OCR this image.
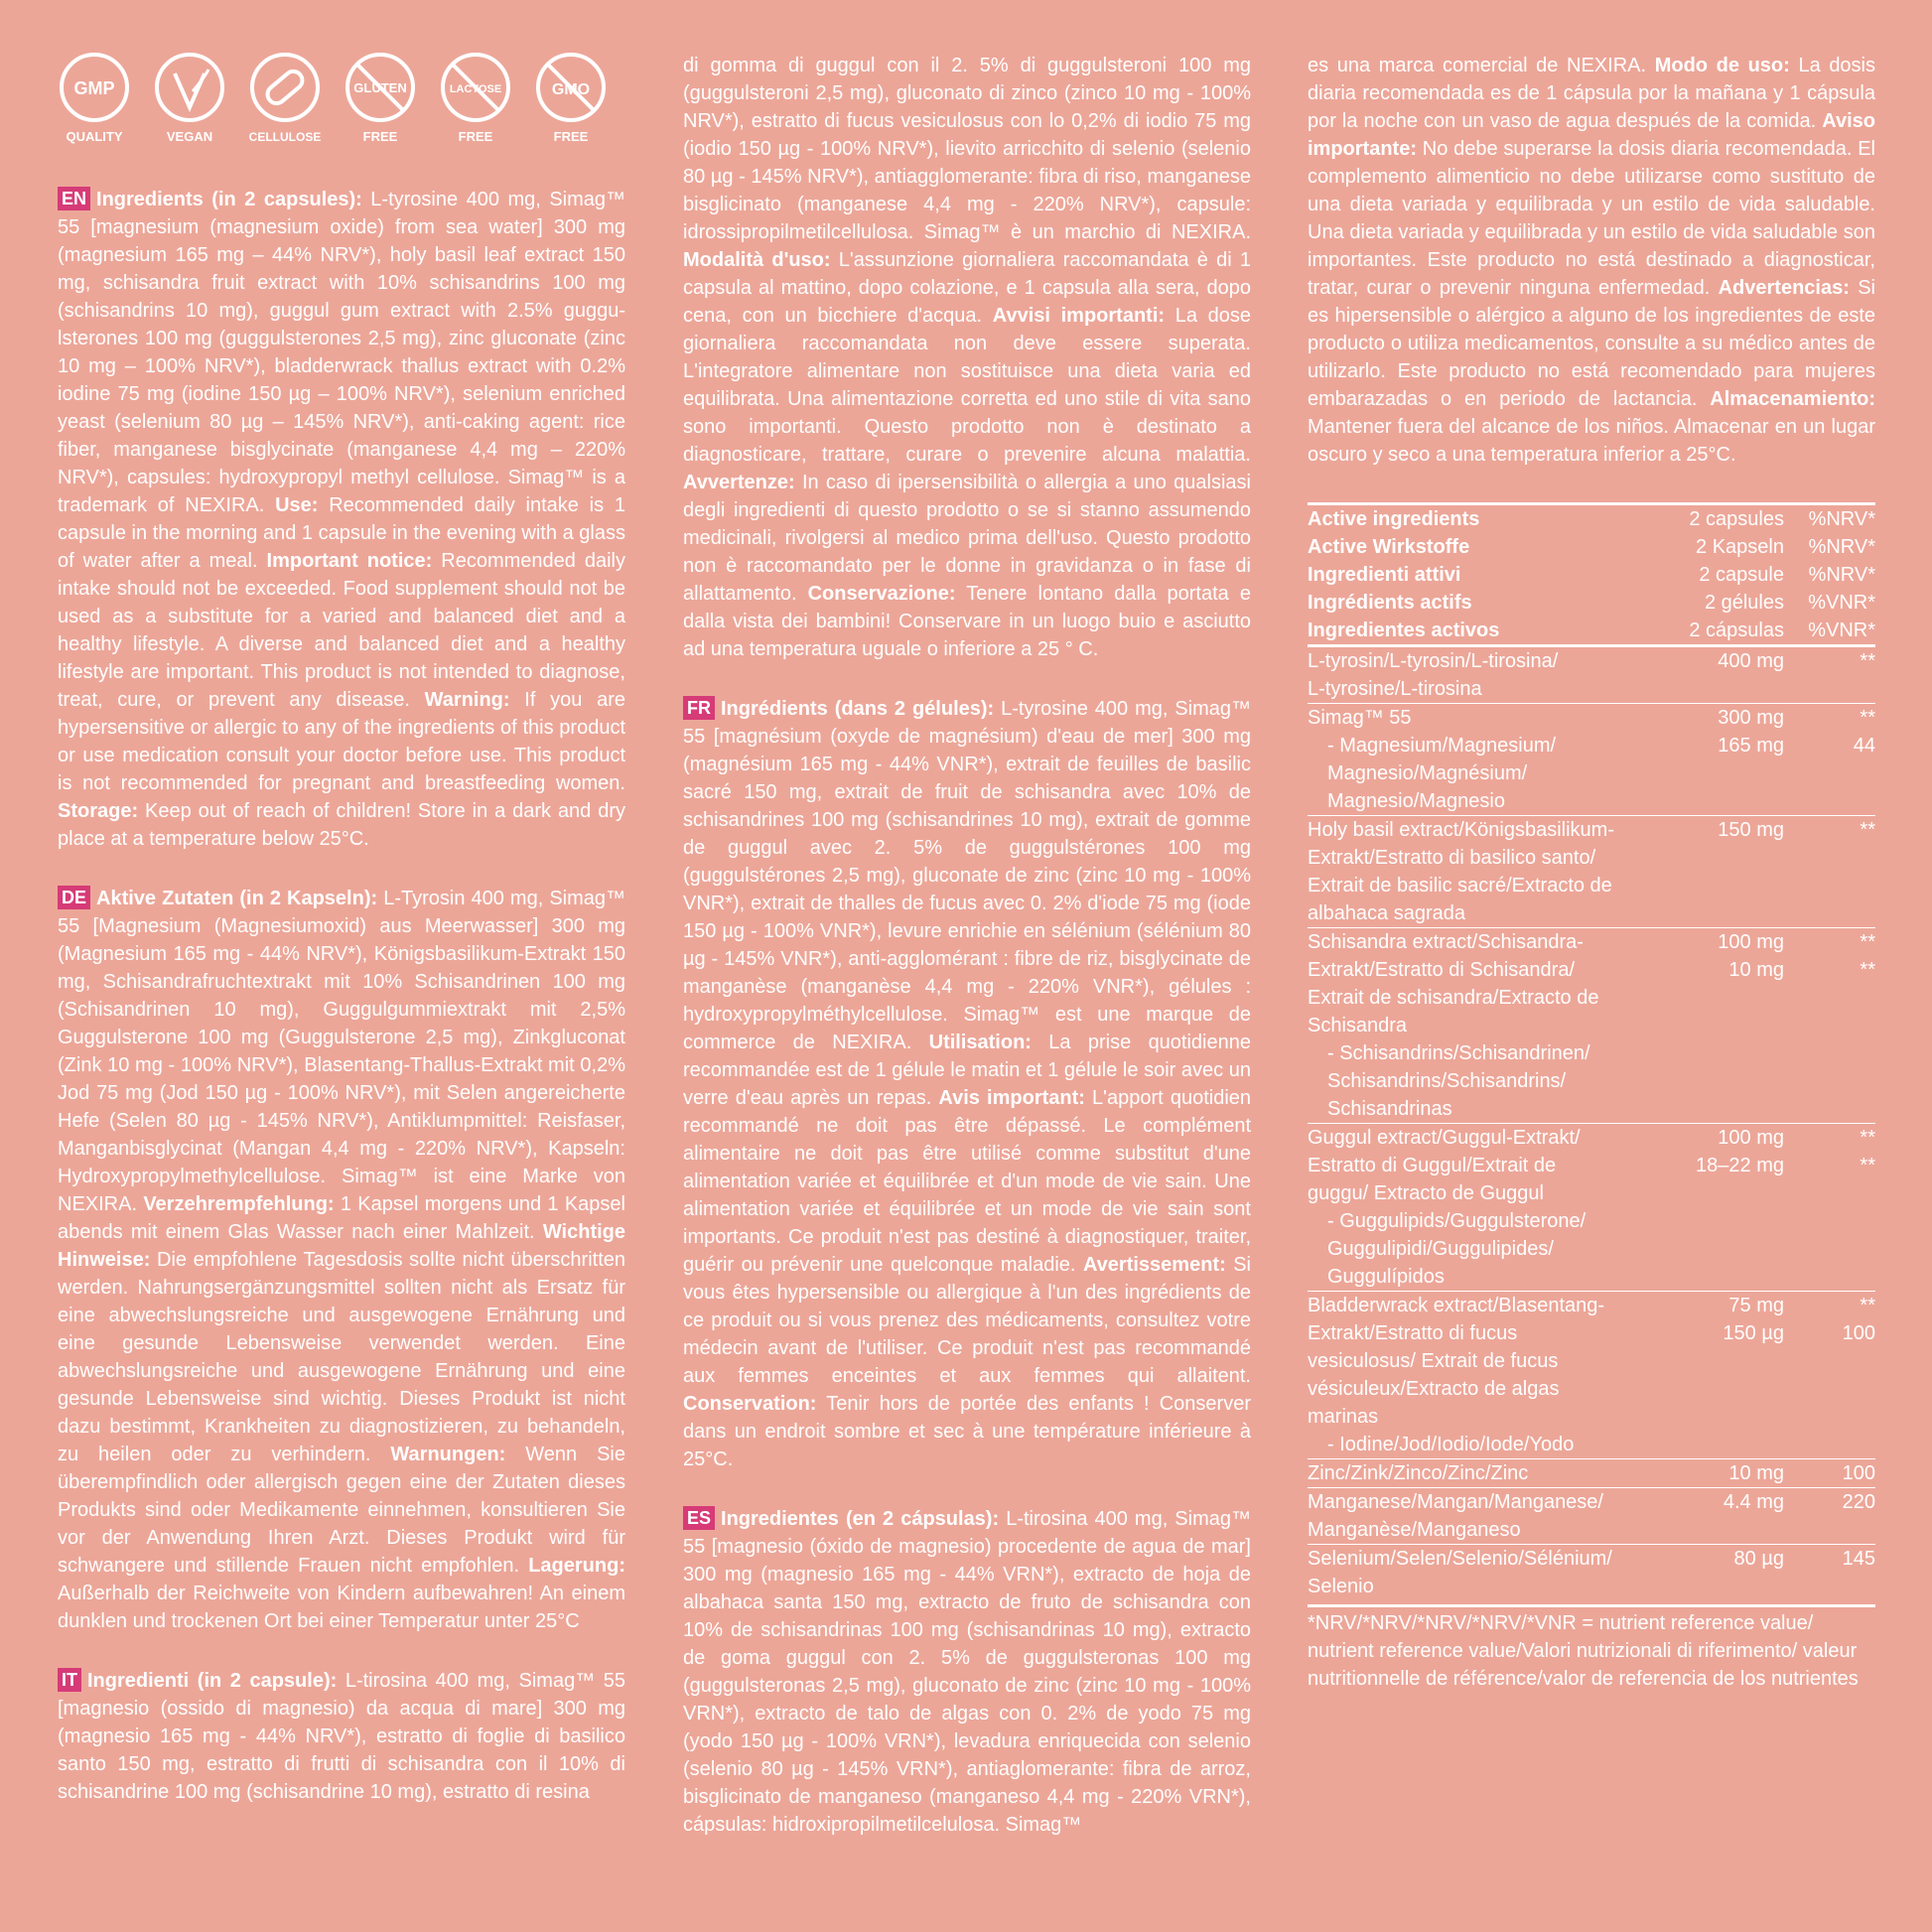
GMP
QUALITY	VEGAN	CELLULOSE
GLUTEN
FREE
LACTOSE
FREE
GMO
FREE

EN Ingredients (in 2 capsules): L-tyrosine 400 mg, Simag™ 55 [magnesium (magnesium oxide) from sea water] 300 mg (magnesium 165 mg – 44% NRV*), holy basil leaf extract 150 mg, schisandra fruit extract with 10% schisandrins 100 mg (schisandrins 10 mg), guggul gum extract with 2.5% guggu-lsterones 100 mg (guggulsterones 2,5 mg), zinc gluconate (zinc 10 mg – 100% NRV*), bladderwrack thallus extract with 0.2% iodine 75 mg (iodine 150 µg – 100% NRV*), selenium enriched yeast (selenium 80 µg – 145% NRV*), anti-caking agent: rice fiber, manganese bisglycinate (manganese 4,4 mg – 220% NRV*), capsules: hydroxypropyl methyl cellulose. Simag™ is a trademark of NEXIRA. Use: Recommended daily intake is 1 capsule in the morning and 1 capsule in the evening with a glass of water after a meal. Important notice: Recommended daily intake should not be exceeded. Food supplement should not be used as a substitute for a varied and balanced diet and a healthy lifestyle. A diverse and balanced diet and a healthy lifestyle are important. This product is not intended to diagnose, treat, cure, or prevent any disease. Warning: If you are hypersensitive or allergic to any of the ingredients of this product or use medication consult your doctor before use. This product is not recommended for pregnant and breastfeeding women. Storage: Keep out of reach of children! Store in a dark and dry place at a temperature below 25°C.

DE Aktive Zutaten (in 2 Kapseln): L-Tyrosin 400 mg, Simag™ 55 [Magnesium (Magnesiumoxid) aus Meerwasser] 300 mg (Magnesium 165 mg - 44% NRV*), Königsbasilikum-Extrakt 150 mg, Schisandrafruchtextrakt mit 10% Schisandrinen 100 mg (Schisandrinen 10 mg), Guggulgummiextrakt mit 2,5% Guggulsterone 100 mg (Guggulsterone 2,5 mg), Zinkgluconat (Zink 10 mg - 100% NRV*), Blasentang-Thallus-Extrakt mit 0,2% Jod 75 mg (Jod 150 µg - 100% NRV*), mit Selen angereicherte Hefe (Selen 80 µg - 145% NRV*), Antiklumpmittel: Reisfaser, Manganbisglycinat (Mangan 4,4 mg - 220% NRV*), Kapseln: Hydroxypropylmethylcellulose. Simag™ ist eine Marke von NEXIRA. Verzehrempfehlung: 1 Kapsel morgens und 1 Kapsel abends mit einem Glas Wasser nach einer Mahlzeit. Wichtige Hinweise: Die empfohlene Tagesdosis sollte nicht überschritten werden. Nahrungsergänzungsmittel sollten nicht als Ersatz für eine abwechslungsreiche und ausgewogene Ernährung und eine gesunde Lebensweise verwendet werden. Eine abwechslungsreiche und ausgewogene Ernährung und eine gesunde Lebensweise sind wichtig. Dieses Produkt ist nicht dazu bestimmt, Krankheiten zu diagnostizieren, zu behandeln, zu heilen oder zu verhindern. Warnungen: Wenn Sie überempfindlich oder allergisch gegen eine der Zutaten dieses Produkts sind oder Medikamente einnehmen, konsultieren Sie vor der Anwendung Ihren Arzt. Dieses Produkt wird für schwangere und stillende Frauen nicht empfohlen. Lagerung: Außerhalb der Reichweite von Kindern aufbewahren! An einem dunklen und trockenen Ort bei einer Temperatur unter 25°C

IT Ingredienti (in 2 capsule): L-tirosina 400 mg, Simag™ 55 [magnesio (ossido di magnesio) da acqua di mare] 300 mg (magnesio 165 mg - 44% NRV*), estratto di foglie di basilico santo 150 mg, estratto di frutti di schisandra con il 10% di schisandrine 100 mg (schisandrine 10 mg), estratto di resina

di gomma di guggul con il 2. 5% di guggulsteroni 100 mg (guggulsteroni 2,5 mg), gluconato di zinco (zinco 10 mg - 100% NRV*), estratto di fucus vesiculosus con lo 0,2% di iodio 75 mg (iodio 150 µg - 100% NRV*), lievito arricchito di selenio (selenio 80 µg - 145% NRV*), antiagglomerante: fibra di riso, manganese bisglicinato (manganese 4,4 mg - 220% NRV*), capsule: idrossipropilmetilcellulosa. Simag™ è un marchio di NEXIRA. Modalità d'uso: L'assunzione giornaliera raccomandata è di 1 capsula al mattino, dopo colazione, e 1 capsula alla sera, dopo cena, con un bicchiere d'acqua. Avvisi importanti: La dose giornaliera raccomandata non deve essere superata. L'integratore alimentare non sostituisce una dieta varia ed equilibrata. Una alimentazione corretta ed uno stile di vita sano sono importanti. Questo prodotto non è destinato a diagnosticare, trattare, curare o prevenire alcuna malattia. Avvertenze: In caso di ipersensibilità o allergia a uno qualsiasi degli ingredienti di questo prodotto o se si stanno assumendo medicinali, rivolgersi al medico prima dell'uso. Questo prodotto non è raccomandato per le donne in gravidanza o in fase di allattamento. Conservazione: Tenere lontano dalla portata e dalla vista dei bambini! Conservare in un luogo buio e asciutto ad una temperatura uguale o inferiore a 25 ° C.

FR Ingrédients (dans 2 gélules): L-tyrosine 400 mg, Simag™ 55 [magnésium (oxyde de magnésium) d'eau de mer] 300 mg (magnésium 165 mg - 44% VNR*), extrait de feuilles de basilic sacré 150 mg, extrait de fruit de schisandra avec 10% de schisandrines 100 mg (schisandrines 10 mg), extrait de gomme de guggul avec 2. 5% de guggulstérones 100 mg (guggulstérones 2,5 mg), gluconate de zinc (zinc 10 mg - 100% VNR*), extrait de thalles de fucus avec 0. 2% d'iode 75 mg (iode 150 µg - 100% VNR*), levure enrichie en sélénium (sélénium 80 µg - 145% VNR*), anti-agglomérant : fibre de riz, bisglycinate de manganèse (manganèse 4,4 mg - 220% VNR*), gélules : hydroxypropylméthylcellulose. Simag™ est une marque de commerce de NEXIRA. Utilisation: La prise quotidienne recommandée est de 1 gélule le matin et 1 gélule le soir avec un verre d'eau après un repas. Avis important: L'apport quotidien recommandé ne doit pas être dépassé. Le complément alimentaire ne doit pas être utilisé comme substitut d'une alimentation variée et équilibrée et d'un mode de vie sain. Une alimentation variée et équilibrée et un mode de vie sain sont importants. Ce produit n'est pas destiné à diagnostiquer, traiter, guérir ou prévenir une quelconque maladie. Avertissement: Si vous êtes hypersensible ou allergique à l'un des ingrédients de ce produit ou si vous prenez des médicaments, consultez votre médecin avant de l'utiliser. Ce produit n'est pas recommandé aux femmes enceintes et aux femmes qui allaitent. Conservation: Tenir hors de portée des enfants ! Conserver dans un endroit sombre et sec à une température inférieure à 25°C.

ES Ingredientes (en 2 cápsulas): L-tirosina 400 mg, Simag™ 55 [magnesio (óxido de magnesio) procedente de agua de mar] 300 mg (magnesio 165 mg - 44% VRN*), extracto de hoja de albahaca santa 150 mg, extracto de fruto de schisandra con 10% de schisandrinas 100 mg (schisandrinas 10 mg), extracto de goma guggul con 2. 5% de guggulsteronas 100 mg (guggulsteronas 2,5 mg), gluconato de zinc (zinc 10 mg - 100% VRN*), extracto de talo de algas con 0. 2% de yodo 75 mg (yodo 150 µg - 100% VRN*), levadura enriquecida con selenio (selenio 80 µg - 145% VRN*), antiaglomerante: fibra de arroz, bisglicinato de manganeso (manganeso 4,4 mg - 220% VRN*), cápsulas: hidroxipropilmetilcelulosa. Simag™

es una marca comercial de NEXIRA. Modo de uso: La dosis diaria recomendada es de 1 cápsula por la mañana y 1 cápsula por la noche con un vaso de agua después de la comida. Aviso importante: No debe superarse la dosis diaria recomendada. El complemento alimenticio no debe utilizarse como sustituto de una dieta variada y equilibrada y un estilo de vida saludable. Una dieta variada y equilibrada y un estilo de vida saludable son importantes. Este producto no está destinado a diagnosticar, tratar, curar o prevenir ninguna enfermedad. Advertencias: Si es hipersensible o alérgico a alguno de los ingredientes de este producto o utiliza medicamentos, consulte a su médico antes de utilizarlo. Este producto no está recomendado para mujeres embarazadas o en periodo de lactancia. Almacenamiento: Mantener fuera del alcance de los niños. Almacenar en un lugar oscuro y seco a una temperatura inferior a 25°C.

Active ingredients	2 capsules	%NRV*
Active Wirkstoffe	2 Kapseln	%NRV*
Ingredienti attivi	2 capsule	%NRV*
Ingrédients actifs	2 gélules	%VNR*
Ingredientes activos	2 cápsulas	%VNR*
L-tyrosin/L-tyrosin/L-tirosina/	400 mg	**
L-tyrosine/L-tirosina
Simag™ 55	300 mg	**
- Magnesium/Magnesium/	165 mg	44
Magnesio/Magnésium/
Magnesio/Magnesio
Holy basil extract/Königsbasilikum-	150 mg	**
Extrakt/Estratto di basilico santo/
Extrait de basilic sacré/Extracto de
albahaca sagrada
Schisandra extract/Schisandra-	100 mg	**
Extrakt/Estratto di Schisandra/	10 mg	**
Extrait de schisandra/Extracto de
Schisandra
- Schisandrins/Schisandrinen/
Schisandrins/Schisandrins/
Schisandrinas
Guggul extract/Guggul-Extrakt/	100 mg	**
Estratto di Guggul/Extrait de	18–22 mg	**
guggu/ Extracto de Guggul
- Guggulipids/Guggulsterone/
Guggulipidi/Guggulipides/
Guggulípidos
Bladderwrack extract/Blasentang-	75 mg	**
Extrakt/Estratto di fucus	150 µg	100
vesiculosus/ Extrait de fucus
vésiculeux/Extracto de algas
marinas
- Iodine/Jod/Iodio/Iode/Yodo
Zinc/Zink/Zinco/Zinc/Zinc	10 mg	100
Manganese/Mangan/Manganese/	4.4 mg	220
Manganèse/Manganeso
Selenium/Selen/Selenio/Sélénium/	80 µg	145
Selenio
*NRV/*NRV/*NRV/*NRV/*VNR = nutrient reference value/ nutrient reference value/Valori nutrizionali di riferimento/ valeur nutritionnelle de référence/valor de referencia de los nutrientes
